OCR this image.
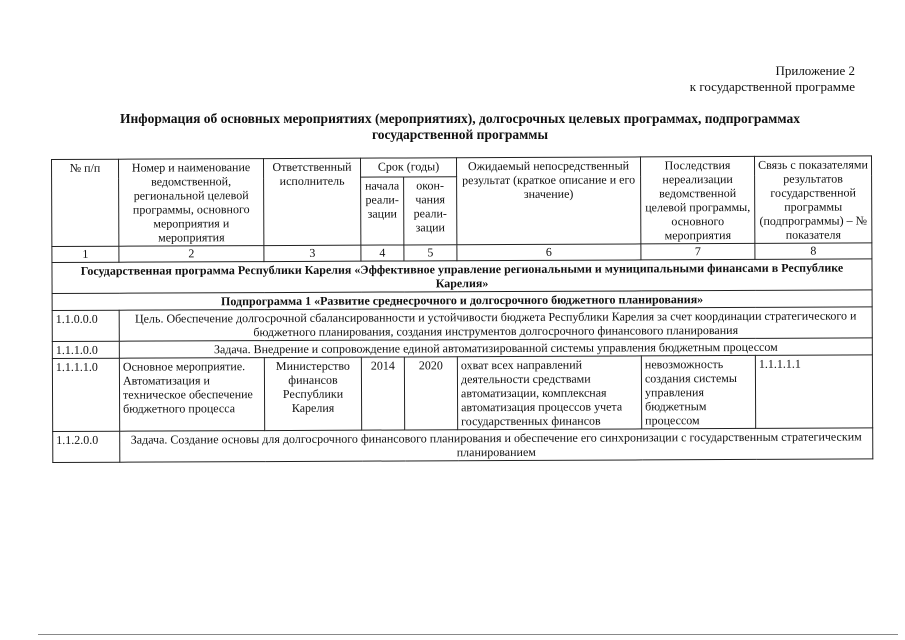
Приложение 2
к государственной программе
Информация об основных мероприятиях (мероприятиях), долгосрочных целевых программах, подпрограммах
государственной программы
№ п/п	Номер и наименование ведомственной, региональной целевой программы, основного мероприятия и мероприятия	Ответственный исполнитель	Срок (годы)		Ожидаемый непосредственный результат (краткое описание и его значение)	Последствия нереализации ведомственной целевой программы, основного мероприятия	Связь с показателями результатов государственной программы (подпрограммы) – № показателя
			начала реали-зации	окон-чания реали-зации			
1	2	3	4	5	6	7	8
Государственная программа Республики Карелия «Эффективное управление региональными и муниципальными финансами в Республике Карелия»							
Подпрограмма 1 «Развитие среднесрочного и долгосрочного бюджетного планирования»							
1.1.0.0.0	Цель. Обеспечение долгосрочной сбалансированности и устойчивости бюджета Республики Карелия за счет координации стратегического и бюджетного планирования, создания инструментов долгосрочного финансового планирования						
1.1.1.0.0	Задача. Внедрение и сопровождение единой автоматизированной системы управления бюджетным процессом						
1.1.1.1.0	Основное мероприятие. Автоматизация и техническое обеспечение бюджетного процесса	Министерство финансов Республики Карелия	2014	2020	охват всех направлений деятельности средствами автоматизации, комплексная автоматизация процессов учета государственных финансов	невозможность создания системы управления бюджетным процессом	1.1.1.1.1
1.1.2.0.0	Задача. Создание основы для долгосрочного финансового планирования и обеспечение его синхронизации с государственным стратегическим планированием						
